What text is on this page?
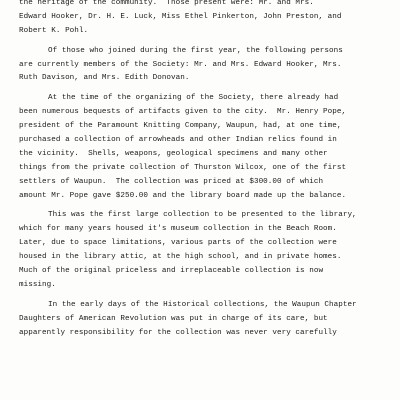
the heritage of the community.  Those present were: Mr. and Mrs.
Edward Hooker, Dr. H. E. Luck, Miss Ethel Pinkerton, John Preston, and
Robert K. Pohl.
Of those who joined during the first year, the following persons
are currently members of the Society: Mr. and Mrs. Edward Hooker, Mrs.
Ruth Davison, and Mrs. Edith Donovan.
At the time of the organizing of the Society, there already had
been numerous bequests of artifacts given to the city.  Mr. Henry Pope,
president of the Paramount Knitting Company, Waupun, had, at one time,
purchased a collection of arrowheads and other Indian relics found in
the vicinity.  Shells, weapons, geological specimens and many other
things from the private collection of Thurston Wilcox, one of the first
settlers of Waupun.  The collection was priced at $300.00 of which
amount Mr. Pope gave $250.00 and the library board made up the balance.
This was the first large collection to be presented to the library,
which for many years housed it's museum collection in the Beach Room.
Later, due to space limitations, various parts of the collection were
housed in the library attic, at the high school, and in private homes.
Much of the original priceless and irreplaceable collection is now
missing.
In the early days of the Historical collections, the Waupun Chapter
Daughters of American Revolution was put in charge of its care, but
apparently responsibility for the collection was never very carefully
